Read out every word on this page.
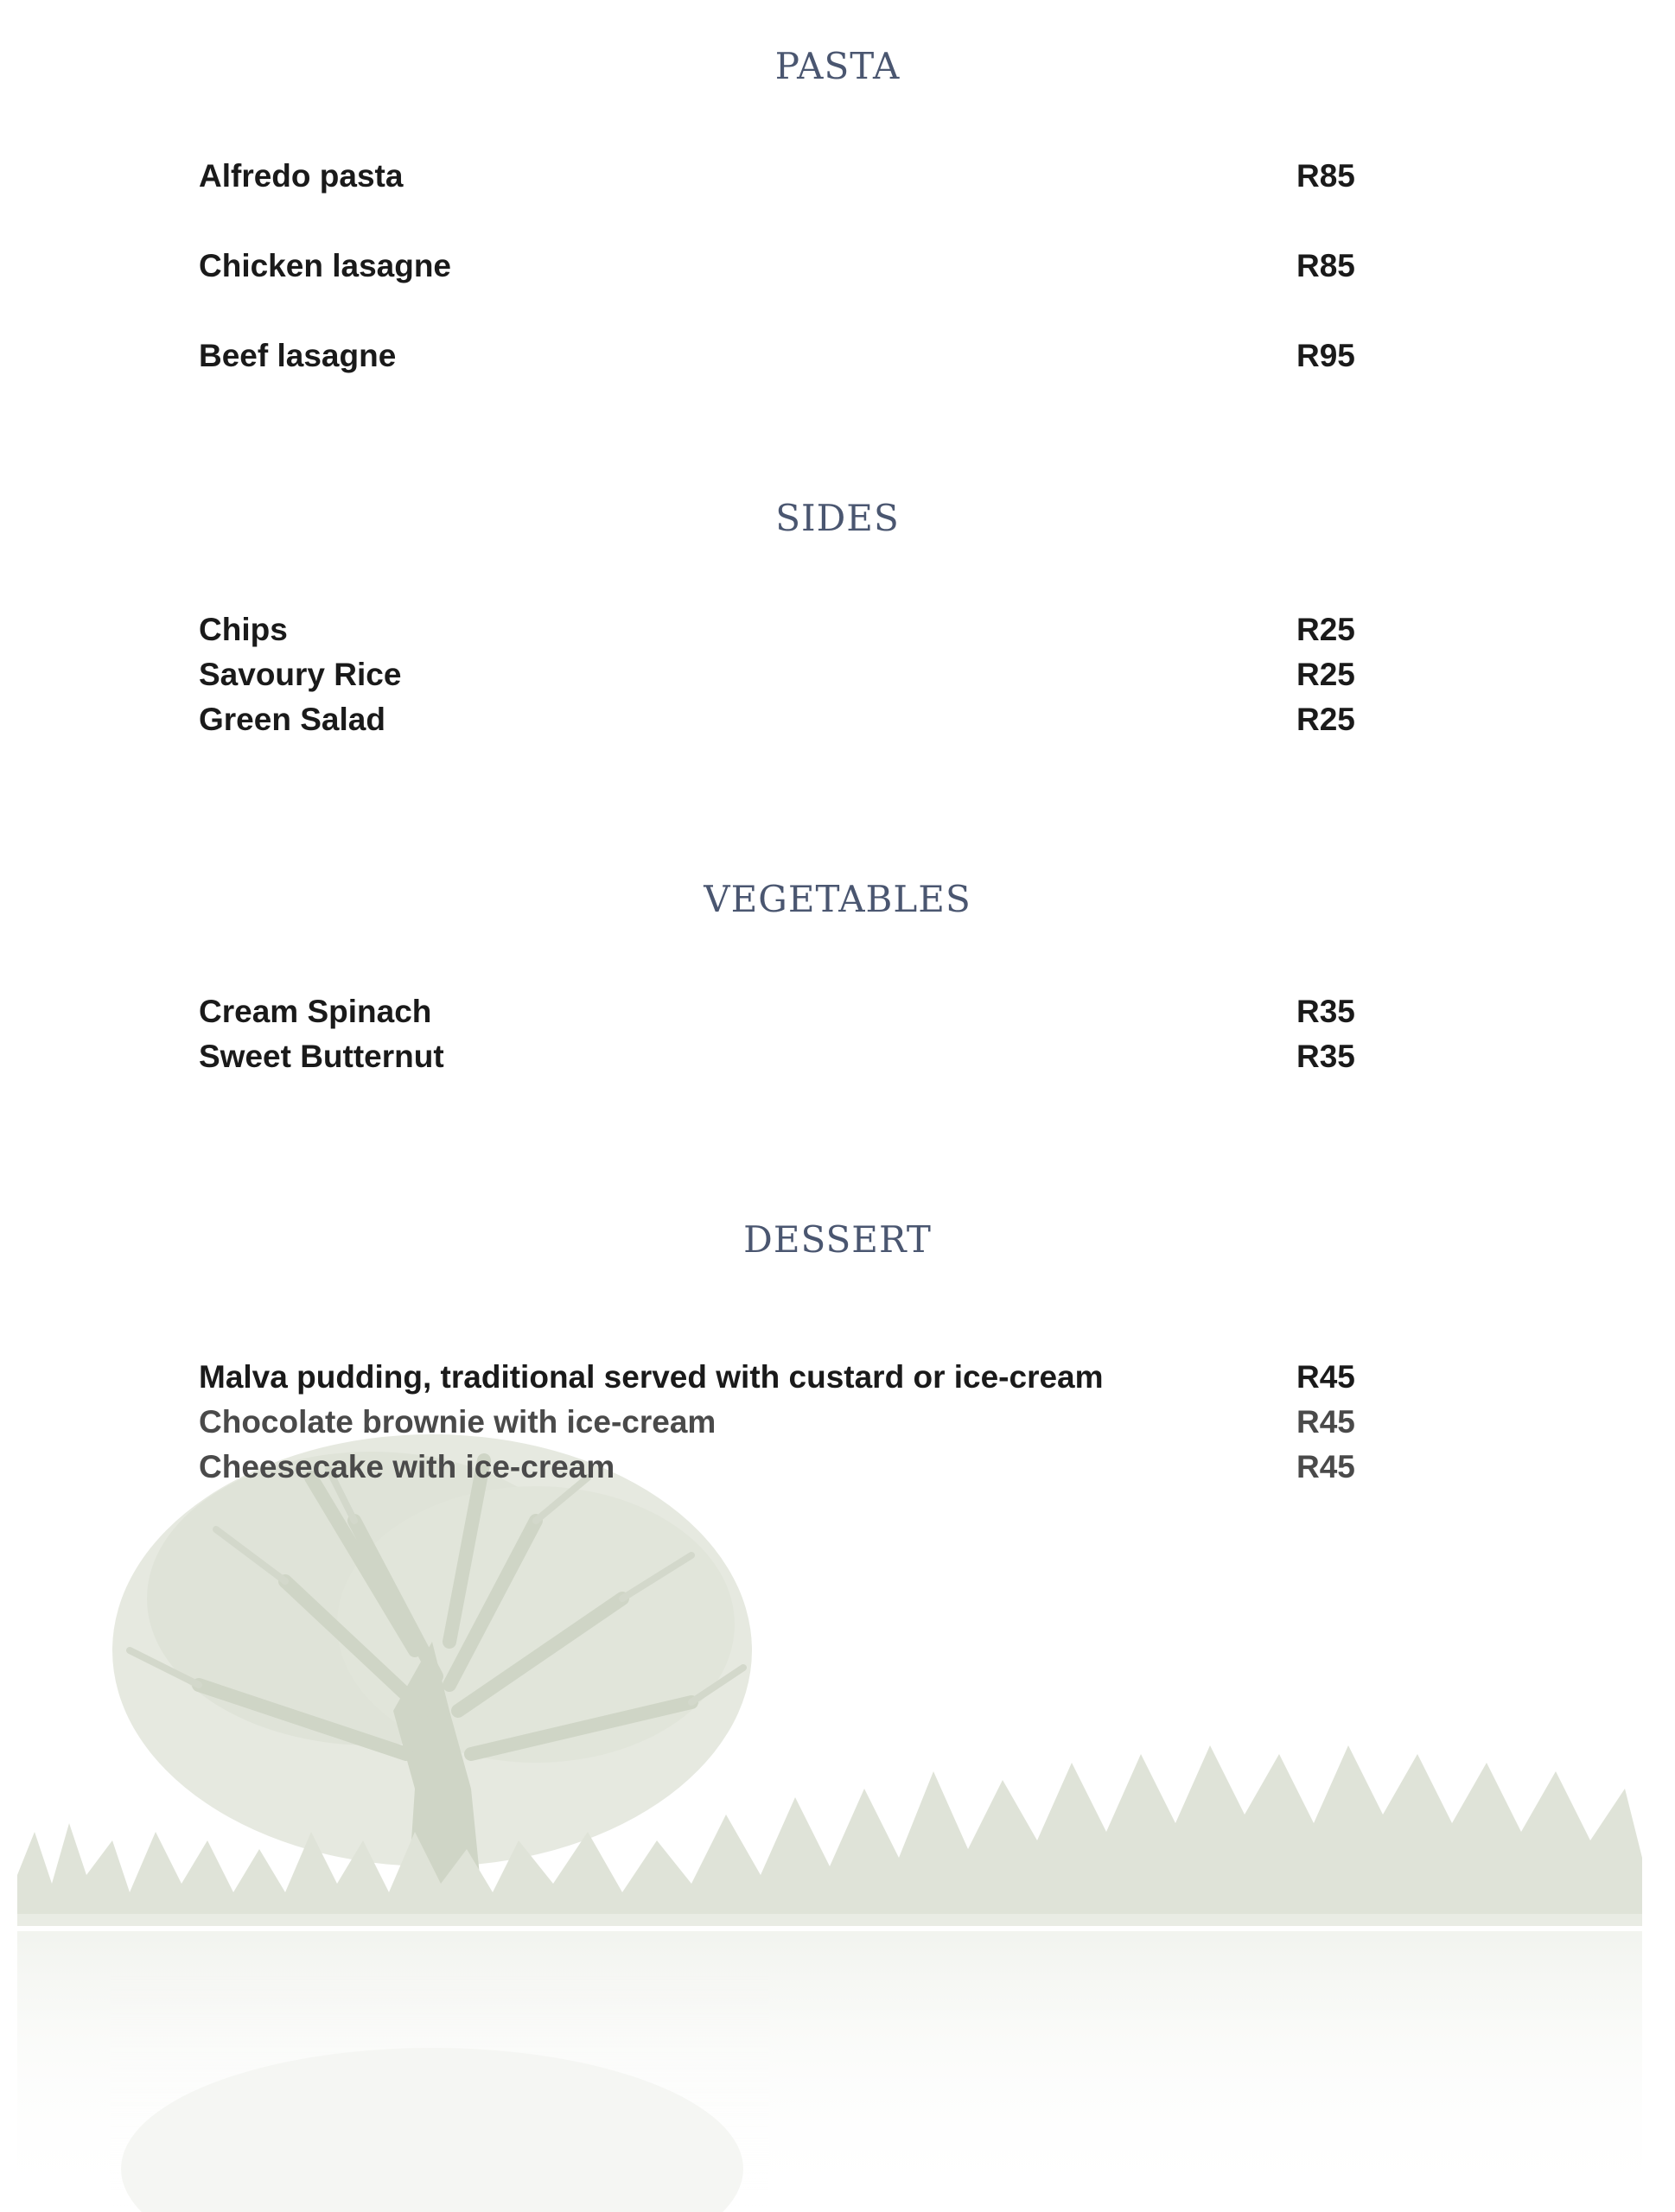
PASTA
Alfredo pasta	R85
Chicken lasagne	R85
Beef lasagne	R95
SIDES
Chips	R25
Savoury Rice	R25
Green Salad	R25
VEGETABLES
Cream Spinach	R35
Sweet Butternut	R35
DESSERT
Malva pudding, traditional served with custard or ice-cream	R45
Chocolate brownie with ice-cream	R45
Cheesecake with ice-cream	R45
